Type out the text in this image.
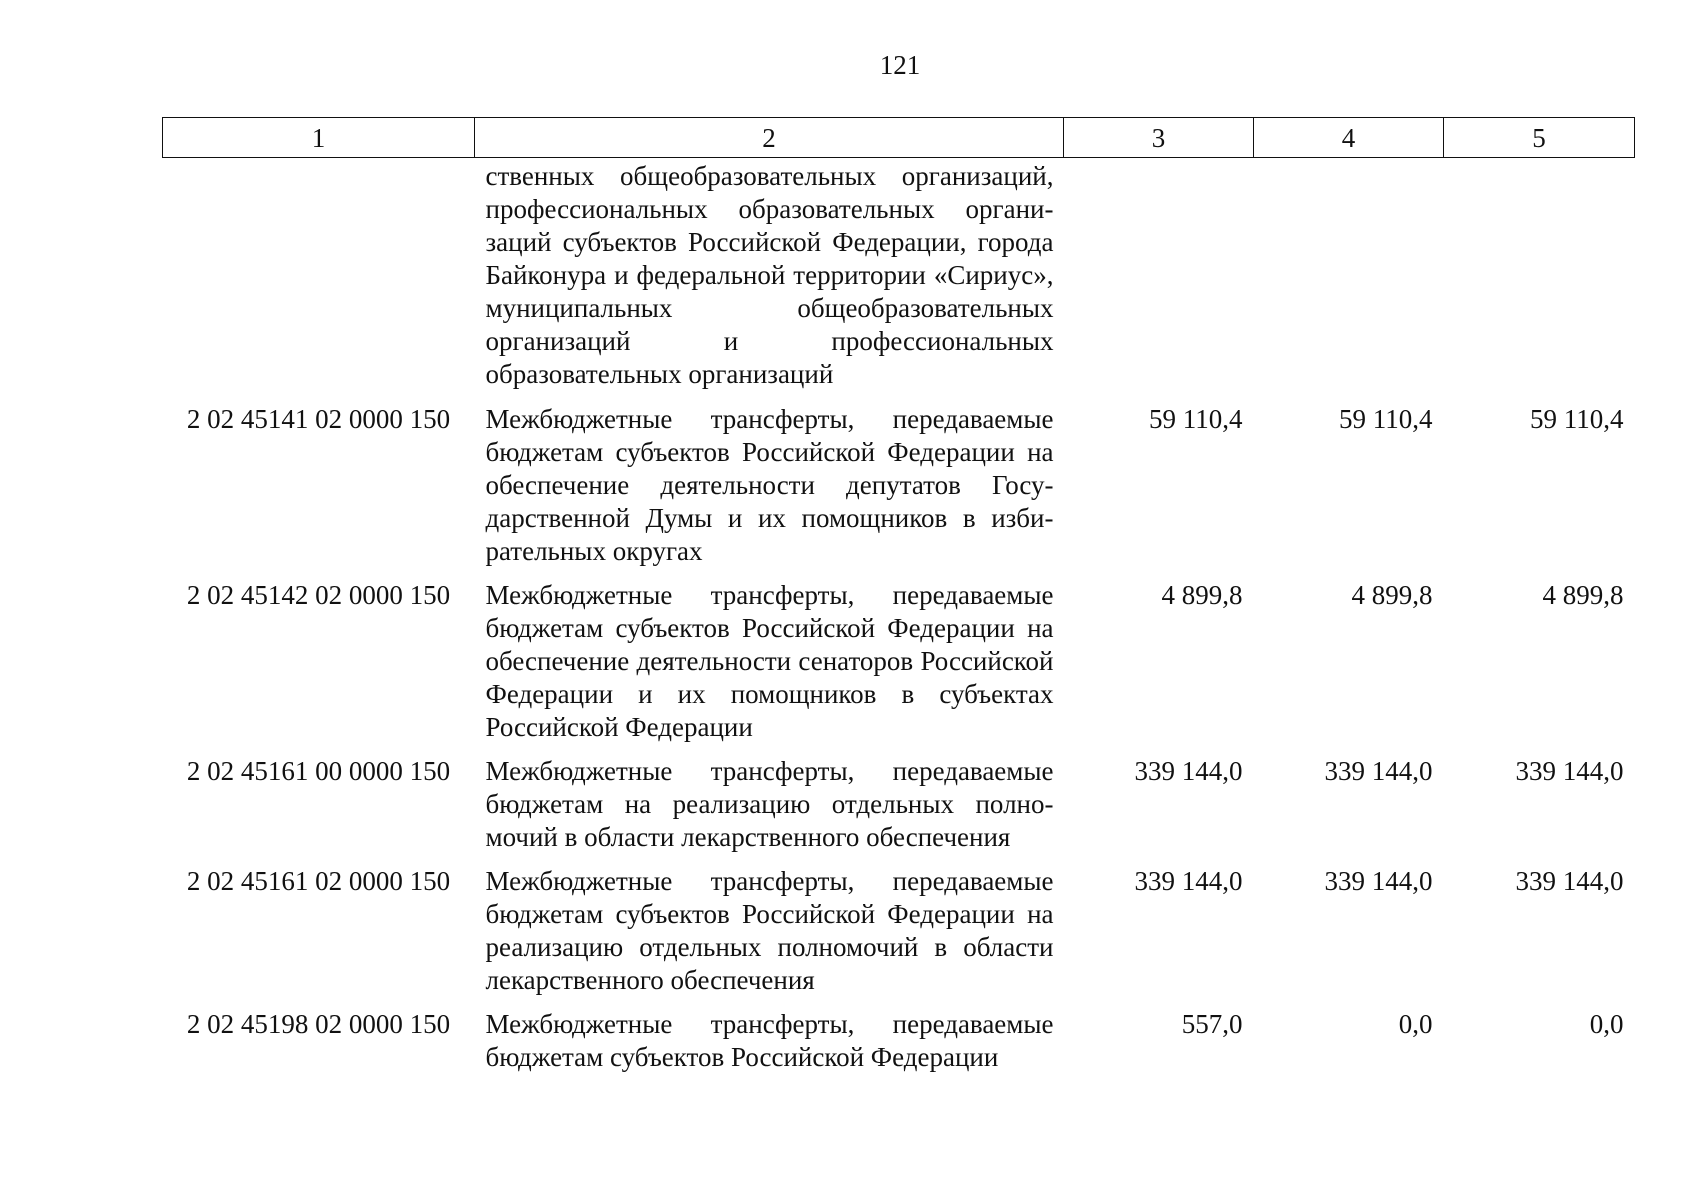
121
1	2	3	4	5
	ственных общеобразовательных организаций, профессиональных образовательных организаций субъектов Российской Федерации, города Байконура и федеральной территории «Сириус», муниципальных общеобразовательных организаций и профессиональных образовательных организаций			
2 02 45141 02 0000 150	Межбюджетные трансферты, передаваемые бюджетам субъектов Российской Федерации на обеспечение деятельности депутатов Государственной Думы и их помощников в избирательных округах	59 110,4	59 110,4	59 110,4
2 02 45142 02 0000 150	Межбюджетные трансферты, передаваемые бюджетам субъектов Российской Федерации на обеспечение деятельности сенаторов Российской Федерации и их помощников в субъектах Российской Федерации	4 899,8	4 899,8	4 899,8
2 02 45161 00 0000 150	Межбюджетные трансферты, передаваемые бюджетам на реализацию отдельных полномочий в области лекарственного обеспечения	339 144,0	339 144,0	339 144,0
2 02 45161 02 0000 150	Межбюджетные трансферты, передаваемые бюджетам субъектов Российской Федерации на реализацию отдельных полномочий в области лекарственного обеспечения	339 144,0	339 144,0	339 144,0
2 02 45198 02 0000 150	Межбюджетные трансферты, передаваемые бюджетам субъектов Российской Федерации	557,0	0,0	0,0
